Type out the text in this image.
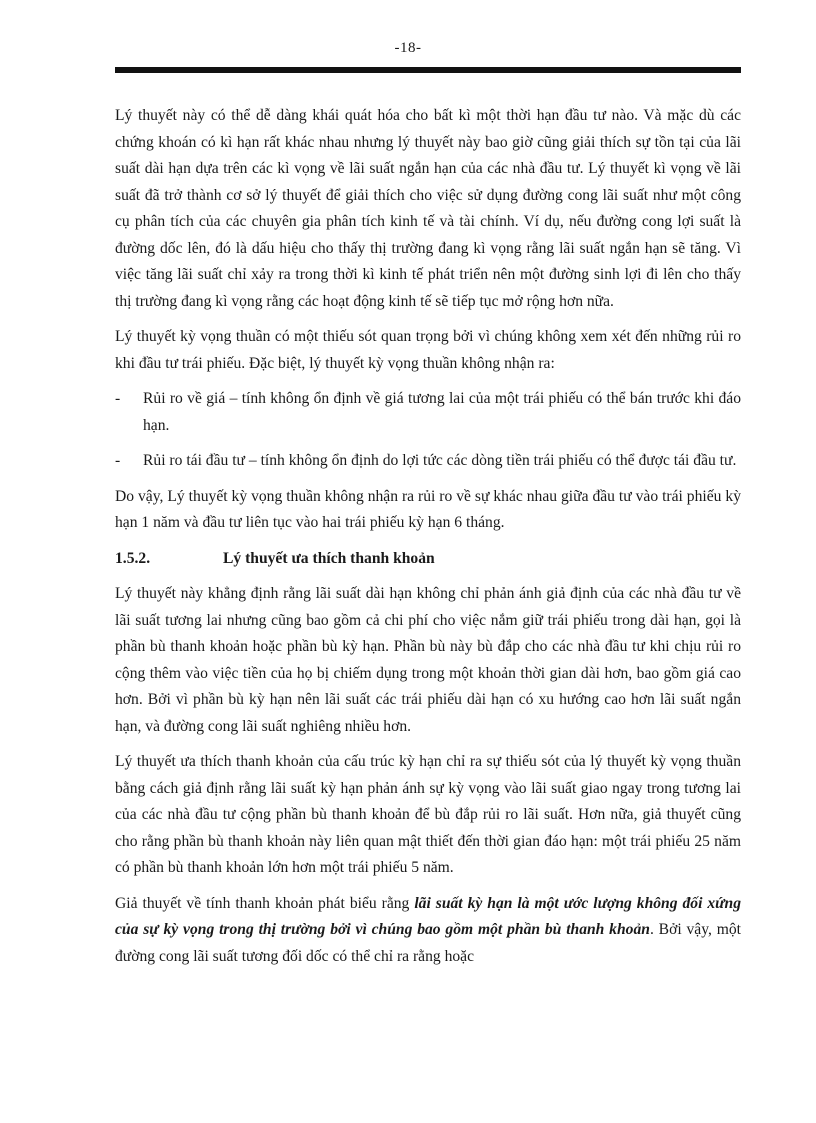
-18-

Lý thuyết này có thể dễ dàng khái quát hóa cho bất kì một thời hạn đầu tư nào. Và mặc dù các chứng khoán có kì hạn rất khác nhau nhưng lý thuyết này bao giờ cũng giải thích sự tồn tại của lãi suất dài hạn dựa trên các kì vọng về lãi suất ngắn hạn của các nhà đầu tư. Lý thuyết kì vọng về lãi suất đã trở thành cơ sở lý thuyết để giải thích cho việc sử dụng đường cong lãi suất như một công cụ phân tích của các chuyên gia phân tích kinh tế và tài chính. Ví dụ, nếu đường cong lợi suất là đường dốc lên, đó là dấu hiệu cho thấy thị trường đang kì vọng rằng lãi suất ngắn hạn sẽ tăng. Vì việc tăng lãi suất chỉ xảy ra trong thời kì kinh tế phát triển nên một đường sinh lợi đi lên cho thấy thị trường đang kì vọng rằng các hoạt động kinh tế sẽ tiếp tục mở rộng hơn nữa.

Lý thuyết kỳ vọng thuần có một thiếu sót quan trọng bởi vì chúng không xem xét đến những rủi ro khi đầu tư trái phiếu. Đặc biệt, lý thuyết kỳ vọng thuần không nhận ra:

-	Rủi ro về giá – tính không ổn định về giá tương lai của một trái phiếu có thể bán trước khi đáo hạn.
-	Rủi ro tái đầu tư – tính không ổn định do lợi tức các dòng tiền trái phiếu có thể được tái đầu tư.

Do vậy, Lý thuyết kỳ vọng thuần không nhận ra rủi ro về sự khác nhau giữa đầu tư vào trái phiếu kỳ hạn 1 năm và đầu tư liên tục vào hai trái phiếu kỳ hạn 6 tháng.

1.5.2.	Lý thuyết ưa thích thanh khoản

Lý thuyết này khẳng định rằng lãi suất dài hạn không chỉ phản ánh giả định của các nhà đầu tư về lãi suất tương lai nhưng cũng bao gồm cả chi phí cho việc nắm giữ trái phiếu trong dài hạn, gọi là phần bù thanh khoản hoặc phần bù kỳ hạn. Phần bù này bù đắp cho các nhà đầu tư khi chịu rủi ro cộng thêm vào việc tiền của họ bị chiếm dụng trong một khoản thời gian dài hơn, bao gồm giá cao hơn. Bởi vì phần bù kỳ hạn nên lãi suất các trái phiếu dài hạn có xu hướng cao hơn lãi suất ngắn hạn, và đường cong lãi suất nghiêng nhiều hơn.

Lý thuyết ưa thích thanh khoản của cấu trúc kỳ hạn chỉ ra sự thiếu sót của lý thuyết kỳ vọng thuần bằng cách giả định rằng lãi suất kỳ hạn phản ánh sự kỳ vọng vào lãi suất giao ngay trong tương lai của các nhà đầu tư cộng phần bù thanh khoản để bù đắp rủi ro lãi suất. Hơn nữa, giả thuyết cũng cho rằng phần bù thanh khoản này liên quan mật thiết đến thời gian đáo hạn: một trái phiếu 25 năm có phần bù thanh khoản lớn hơn một trái phiếu 5 năm.

Giả thuyết về tính thanh khoản phát biểu rằng lãi suất kỳ hạn là một ước lượng không đối xứng của sự kỳ vọng trong thị trường bởi vì chúng bao gồm một phần bù thanh khoản. Bởi vậy, một đường cong lãi suất tương đối dốc có thể chỉ ra rằng hoặc
